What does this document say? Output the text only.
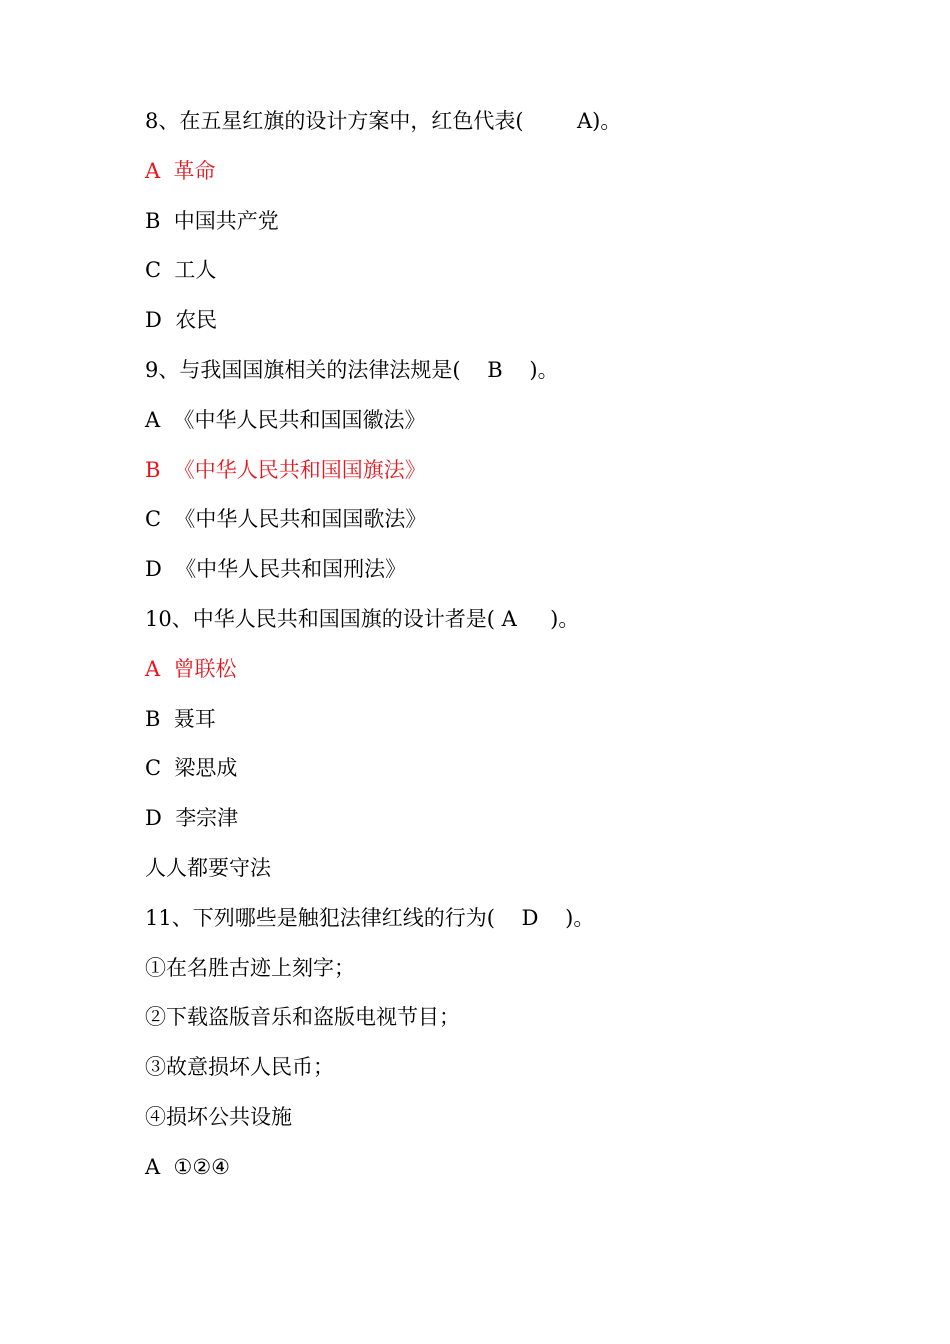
8、在五星红旗的设计方案中，红色代表(        A)。
A  革命
B  中国共产党
C  工人
D  农民
9、与我国国旗相关的法律法规是(    B    )。
A  《中华人民共和国国徽法》
B  《中华人民共和国国旗法》
C  《中华人民共和国国歌法》
D  《中华人民共和国刑法》
10、中华人民共和国国旗的设计者是( A     )。
A  曾联松
B  聂耳
C  梁思成
D  李宗津
人人都要守法
11、下列哪些是触犯法律红线的行为(    D    )。
①在名胜古迹上刻字；
②下载盗版音乐和盗版电视节目；
③故意损坏人民币；
④损坏公共设施
A  ①②④
